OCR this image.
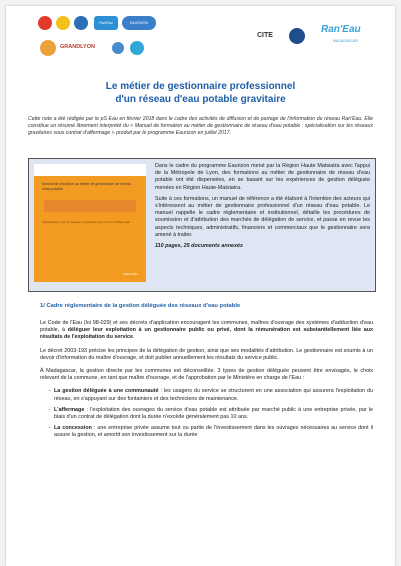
Ran'Eau	EAURIZON
GRANDLYON
CITE
Ran'Eau
MADAGASCAR
Le métier de gestionnaire professionnel
d'un réseau d'eau potable gravitaire
Cette note a été rédigée par le pS Eau en février 2018 dans le cadre des activités de diffusion et de partage de l'information du réseau Ran'Eau. Elle constitue un résumé librement interprété du « Manuel de formation au métier de gestionnaire de réseau d'eau potable : spécialisation sur les réseaux gravitaires sous contrat d'affermage » produit par le programme Eaurizon en juillet 2017.
Manuel de formation au métier de gestionnaire de réseau d'eau potable
Spécialisation sur les réseaux gravitaires sous contrat d'affermage
Juillet 2017

Dans le cadre du programme Eaurizon mené par la Région Haute Matsiatra avec l'appui de la Métropole de Lyon, des formations au métier de gestionnaire de réseau d'eau potable ont été dispensées, en se basant sur les expériences de gestion déléguée menées en Région Haute-Matsiatra.

Suite à ces formations, un manuel de référence a été élaboré à l'intention des acteurs qui s'intéressent au métier de gestionnaire professionnel d'un réseau d'eau potable. Le manuel rappelle le cadre réglementaire et institutionnel, détaille les procédures de soumission et d'attribution des marchés de délégation de service, et passe en revue les aspects techniques, administratifs, financiers et commerciaux que le gestionnaire sera amené à traiter.

110 pages, 25 documents annexés

1/ Cadre réglementaire de la gestion déléguée des réseaux d'eau potable

Le Code de l'Eau (loi 98-029) et ses décrets d'application encouragent les communes, maîtres d'ouvrage des systèmes d'adduction d'eau potable, à déléguer leur exploitation à un gestionnaire public ou privé, dont la rémunération est substantiellement liée aux résultats de l'exploitation du service.

Le décret 2003-193 précise les principes de la délégation de gestion, ainsi que ses modalités d'attribution. Le gestionnaire est soumis à un devoir d'information du maître d'ouvrage, et doit publier annuellement les résultats du service public.

À Madagascar, la gestion directe par les communes est déconseillée. 3 types de gestion déléguée peuvent être envisagés, le choix relevant de la commune, en tant que maître d'ouvrage, et de l'approbation par le Ministère en charge de l'Eau :

• La gestion déléguée à une communauté : les usagers du service se structurent en une association qui assurera l'exploitation du réseau, en s'appuyant sur des fontainiers et des techniciens de maintenance.
• L'affermage : l'exploitation des ouvrages du service d'eau potable est attribuée par marché public à une entreprise privée, par le biais d'un contrat de délégation dont la durée n'excède généralement pas 10 ans.
• La concession : une entreprise privée assume tout ou partie de l'investissement dans les ouvrages nécessaires au service dont il assure la gestion, et amortit son investissement sur la durée
